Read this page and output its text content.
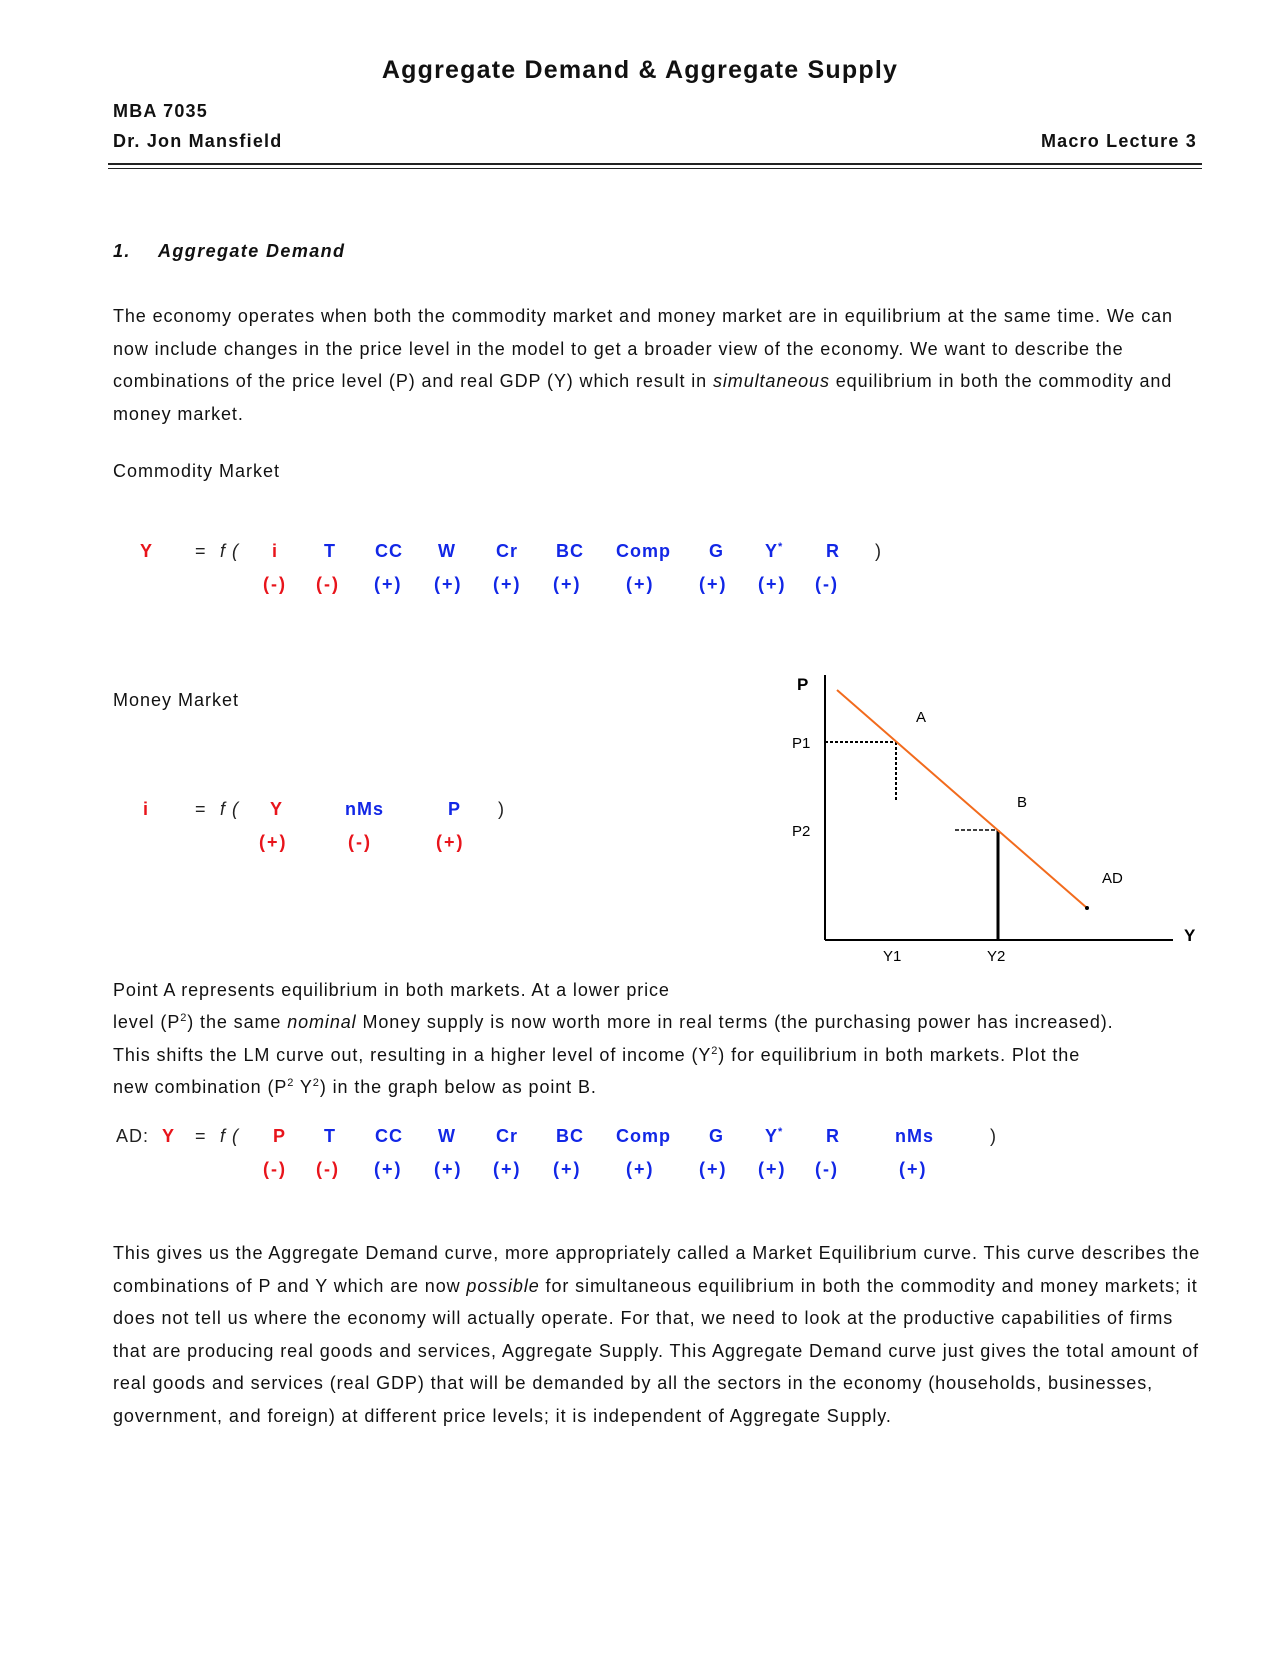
Aggregate Demand & Aggregate Supply
MBA 7035
Dr. Jon Mansfield	Macro Lecture 3
1. Aggregate Demand

The economy operates when both the commodity market and money market are in equilibrium at the same time. We can now include changes in the price level in the model to get a broader view of the economy. We want to describe the combinations of the price level (P) and real GDP (Y) which result in simultaneous equilibrium in both the commodity and money market.

Commodity Market
Y = f ( i	T CC W Cr BC Comp G Y* R )
(-) (-) (+) (+) (+) (+) (+) (+) (+) (-)
Money Market
i	= f ( Y	nMs	P )
(+)	(-)	(+)
P
Y
P1
P2
Y1	Y2
A
B
AD
Point A represents equilibrium in both markets. At a lower price

level $(P^2)$ the same nominal Money supply is now worth more in real terms (the purchasing power has increased). This shifts the LM curve out, resulting in a higher level of income $(Y^2)$ for equilibrium in both markets. Plot the new combination ($P^2$ $Y^2$) in the graph below as point B.

AD: Y = f ( P T CC W Cr BC Comp G Y* R	nMs	)
(-) (-) (+) (+) (+) (+) (+) (+) (+) (-)	(+)

This gives us the Aggregate Demand curve, more appropriately called a Market Equilibrium curve. This curve describes the combinations of P and Y which are now possible for simultaneous equilibrium in both the commodity and money markets; it does not tell us where the economy will actually operate. For that, we need to look at the productive capabilities of firms that are producing real goods and services, Aggregate Supply. This Aggregate Demand curve just gives the total amount of real goods and services (real GDP) that will be demanded by all the sectors in the economy (households, businesses, government, and foreign) at different price levels; it is independent of Aggregate Supply.
